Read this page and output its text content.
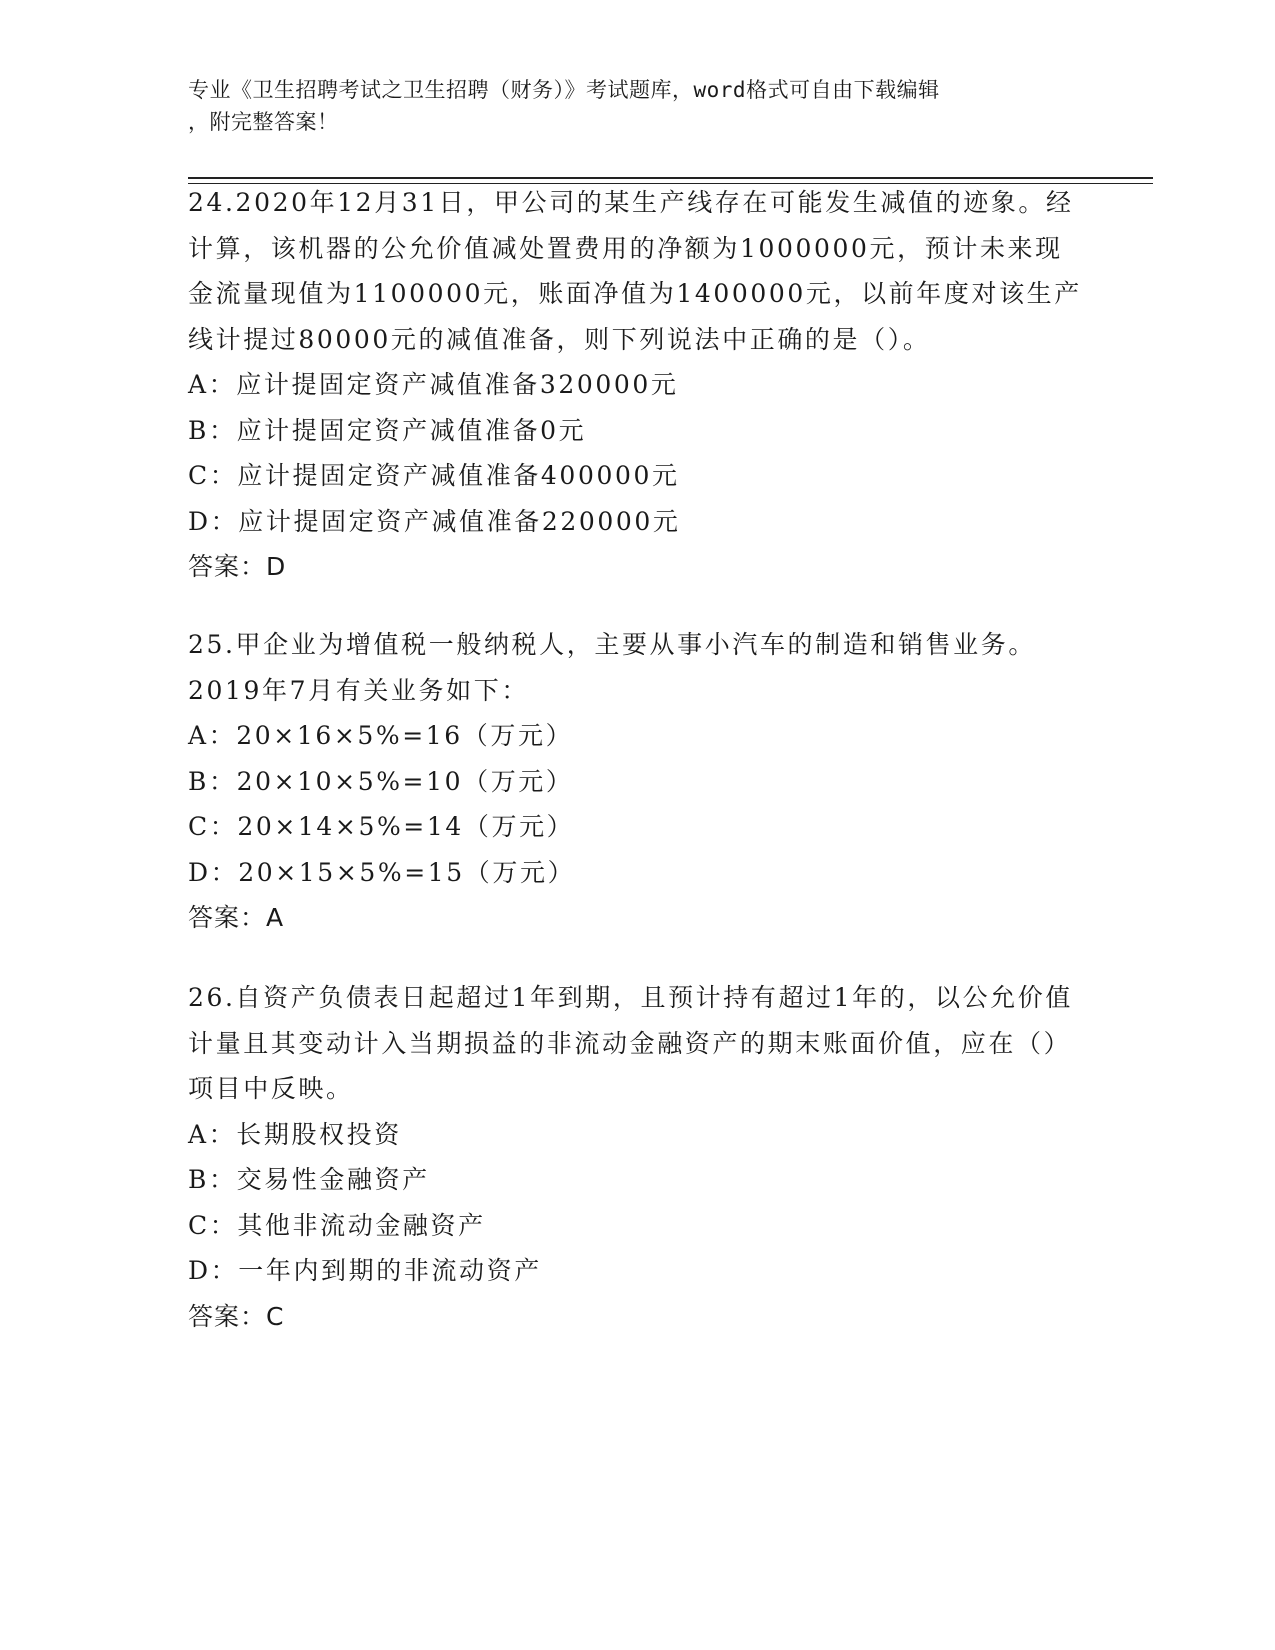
专业《卫生招聘考试之卫生招聘（财务）》考试题库，word格式可自由下载编辑
，附完整答案！

24.2020年12月31日，甲公司的某生产线存在可能发生减值的迹象。经计算，该机器的公允价值减处置费用的净额为1000000元，预计未来现金流量现值为1100000元，账面净值为1400000元，以前年度对该生产线计提过80000元的减值准备，则下列说法中正确的是（）。

A：应计提固定资产减值准备320000元

B：应计提固定资产减值准备0元

C：应计提固定资产减值准备400000元

D：应计提固定资产减值准备220000元

答案：D

25.甲企业为增值税一般纳税人，主要从事小汽车的制造和销售业务。2019年7月有关业务如下：

A：20×16×5%=16（万元）

B：20×10×5%=10（万元）

C：20×14×5%=14（万元）

D：20×15×5%=15（万元）

答案：A

26.自资产负债表日起超过1年到期，且预计持有超过1年的，以公允价值计量且其变动计入当期损益的非流动金融资产的期末账面价值，应在（）项目中反映。

A：长期股权投资

B：交易性金融资产

C：其他非流动金融资产

D：一年内到期的非流动资产

答案：C
